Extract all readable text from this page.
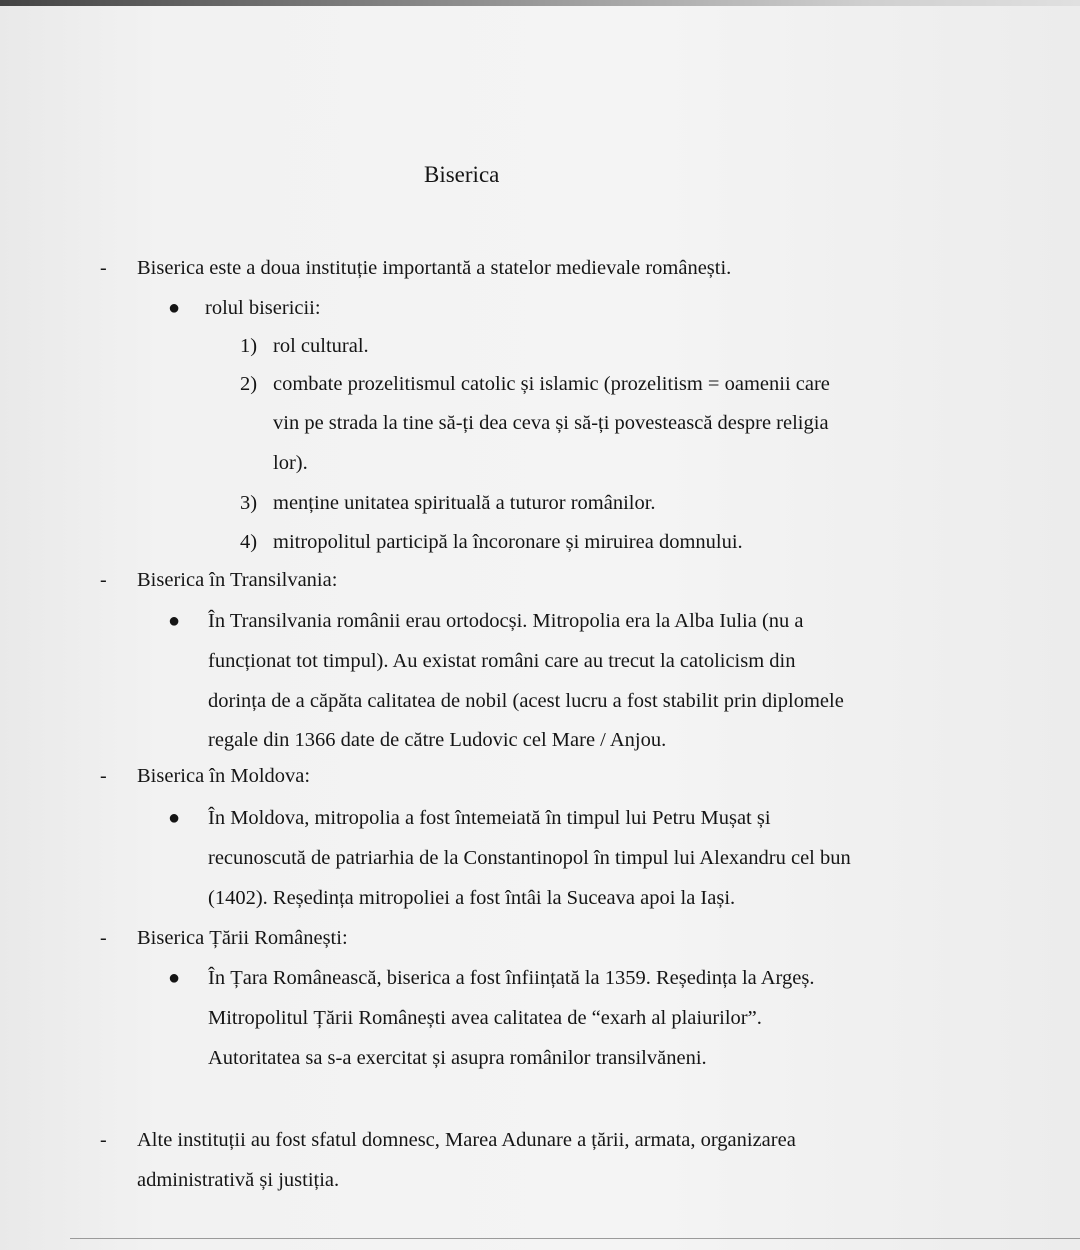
Biserica
- Biserica este a doua instituție importantă a statelor medievale românești.
● rolul bisericii:
1) rol cultural.
2) combate prozelitismul catolic și islamic (prozelitism = oamenii care
vin pe strada la tine să-ți dea ceva și să-ți povestească despre religia
lor).
3) menține unitatea spirituală a tuturor românilor.
4) mitropolitul participă la încoronare și miruirea domnului.
- Biserica în Transilvania:
● În Transilvania românii erau ortodocși. Mitropolia era la Alba Iulia (nu a
funcționat tot timpul). Au existat români care au trecut la catolicism din
dorința de a căpăta calitatea de nobil (acest lucru a fost stabilit prin diplomele
regale din 1366 date de către Ludovic cel Mare / Anjou.
- Biserica în Moldova:
● În Moldova, mitropolia a fost întemeiată în timpul lui Petru Mușat și
recunoscută de patriarhia de la Constantinopol în timpul lui Alexandru cel bun
(1402). Reședința mitropoliei a fost întâi la Suceava apoi la Iași.
- Biserica Țării Românești:
● În Țara Românească, biserica a fost înființată la 1359. Reședința la Argeș.
Mitropolitul Țării Românești avea calitatea de “exarh al plaiurilor”.
Autoritatea sa s-a exercitat și asupra românilor transilvăneni.
- Alte instituții au fost sfatul domnesc, Marea Adunare a țării, armata, organizarea
administrativă și justiția.
